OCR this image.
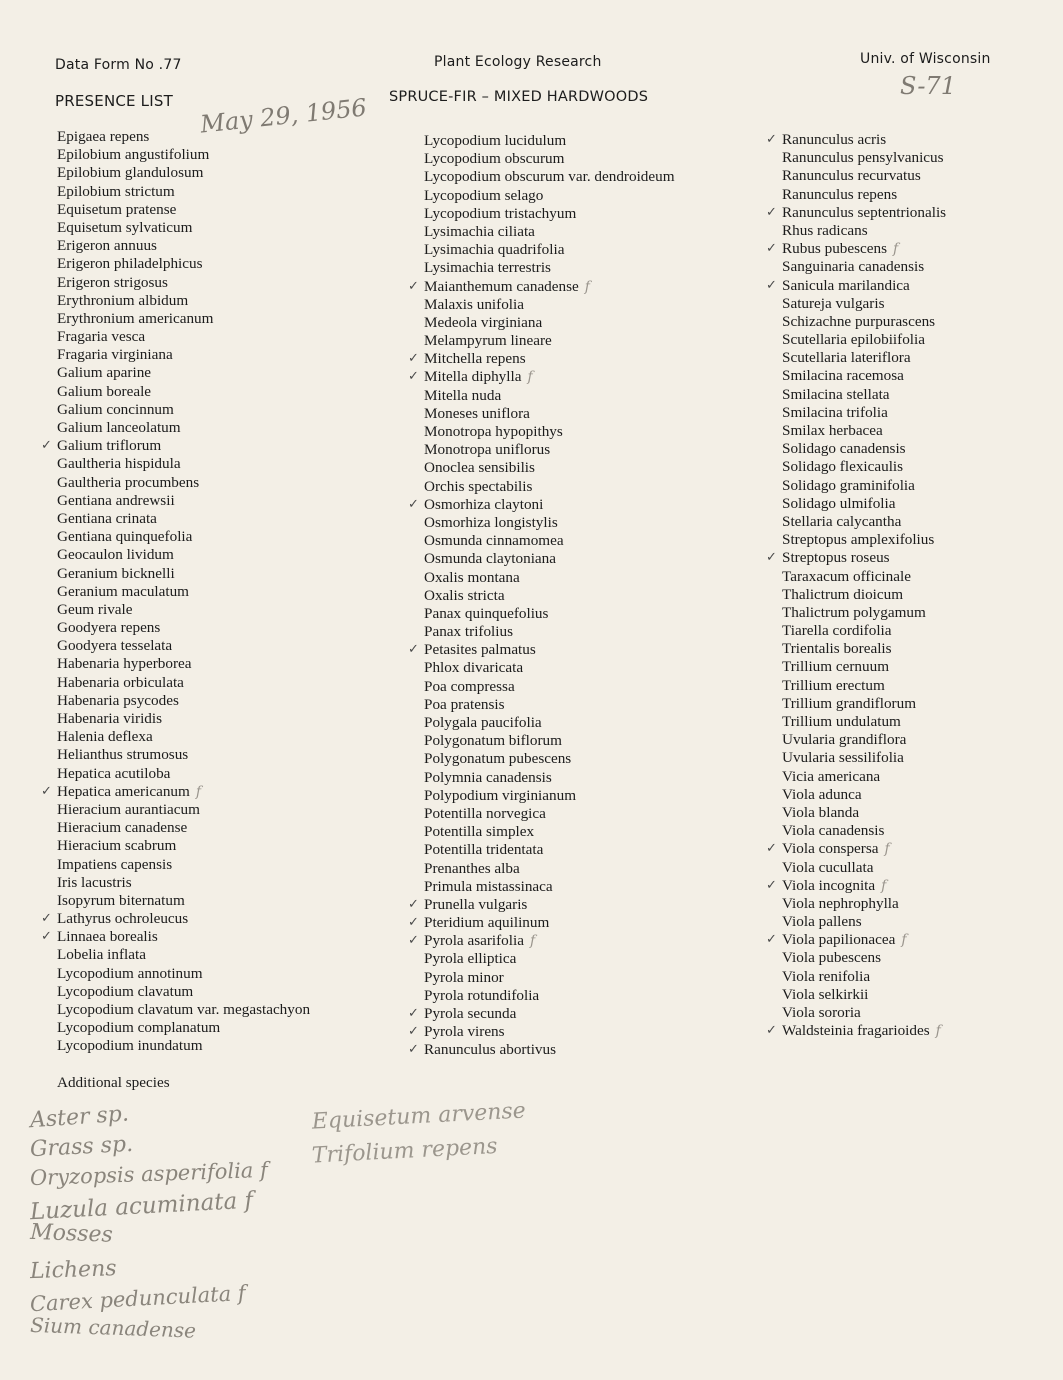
Data Form No .77	Plant Ecology Research	Univ. of Wisconsin
PRESENCE LIST	SPRUCE-FIR – MIXED HARDWOODS
May 29, 1956
S-71
Epigaea repens
Epilobium angustifolium
Epilobium glandulosum
Epilobium strictum
Equisetum pratense
Equisetum sylvaticum
Erigeron annuus
Erigeron philadelphicus
Erigeron strigosus
Erythronium albidum
Erythronium americanum
Fragaria vesca
Fragaria virginiana
Galium aparine
Galium boreale
Galium concinnum
Galium lanceolatum
✓ Galium triflorum
Gaultheria hispidula
Gaultheria procumbens
Gentiana andrewsii
Gentiana crinata
Gentiana quinquefolia
Geocaulon lividum
Geranium bicknelli
Geranium maculatum
Geum rivale
Goodyera repens
Goodyera tesselata
Habenaria hyperborea
Habenaria orbiculata
Habenaria psycodes
Habenaria viridis
Halenia deflexa
Helianthus strumosus
Hepatica acutiloba
✓ Hepatica americanum f
Hieracium aurantiacum
Hieracium canadense
Hieracium scabrum
Impatiens capensis
Iris lacustris
Isopyrum biternatum
✓ Lathyrus ochroleucus
✓ Linnaea borealis
Lobelia inflata
Lycopodium annotinum
Lycopodium clavatum
Lycopodium clavatum var. megastachyon
Lycopodium complanatum
Lycopodium inundatum
Lycopodium lucidulum
Lycopodium obscurum
Lycopodium obscurum var. dendroideum
Lycopodium selago
Lycopodium tristachyum
Lysimachia ciliata
Lysimachia quadrifolia
Lysimachia terrestris
✓ Maianthemum canadense f
Malaxis unifolia
Medeola virginiana
Melampyrum lineare
✓ Mitchella repens
✓ Mitella diphylla f
Mitella nuda
Moneses uniflora
Monotropa hypopithys
Monotropa uniflorus
Onoclea sensibilis
Orchis spectabilis
✓ Osmorhiza claytoni
Osmorhiza longistylis
Osmunda cinnamomea
Osmunda claytoniana
Oxalis montana
Oxalis stricta
Panax quinquefolius
Panax trifolius
✓ Petasites palmatus
Phlox divaricata
Poa compressa
Poa pratensis
Polygala paucifolia
Polygonatum biflorum
Polygonatum pubescens
Polymnia canadensis
Polypodium virginianum
Potentilla norvegica
Potentilla simplex
Potentilla tridentata
Prenanthes alba
Primula mistassinaca
✓ Prunella vulgaris
✓ Pteridium aquilinum
✓ Pyrola asarifolia f
Pyrola elliptica
Pyrola minor
Pyrola rotundifolia
✓ Pyrola secunda
✓ Pyrola virens
✓ Ranunculus abortivus
✓ Ranunculus acris
Ranunculus pensylvanicus
Ranunculus recurvatus
Ranunculus repens
✓ Ranunculus septentrionalis
Rhus radicans
✓ Rubus pubescens f
Sanguinaria canadensis
✓ Sanicula marilandica
Satureja vulgaris
Schizachne purpurascens
Scutellaria epilobiifolia
Scutellaria lateriflora
Smilacina racemosa
Smilacina stellata
Smilacina trifolia
Smilax herbacea
Solidago canadensis
Solidago flexicaulis
Solidago graminifolia
Solidago ulmifolia
Stellaria calycantha
Streptopus amplexifolius
✓ Streptopus roseus
Taraxacum officinale
Thalictrum dioicum
Thalictrum polygamum
Tiarella cordifolia
Trientalis borealis
Trillium cernuum
Trillium erectum
Trillium grandiflorum
Trillium undulatum
Uvularia grandiflora
Uvularia sessilifolia
Vicia americana
Viola adunca
Viola blanda
Viola canadensis
✓ Viola conspersa f
Viola cucullata
✓ Viola incognita f
Viola nephrophylla
Viola pallens
✓ Viola papilionacea f
Viola pubescens
Viola renifolia
Viola selkirkii
Viola sororia
✓ Waldsteinia fragarioides f
Additional species
Aster sp.
Grass sp.
Oryzopsis asperifolia f
Luzula acuminata f
Mosses
Lichens
Carex pedunculata f
Sium canadense
Equisetum arvense
Trifolium repens
